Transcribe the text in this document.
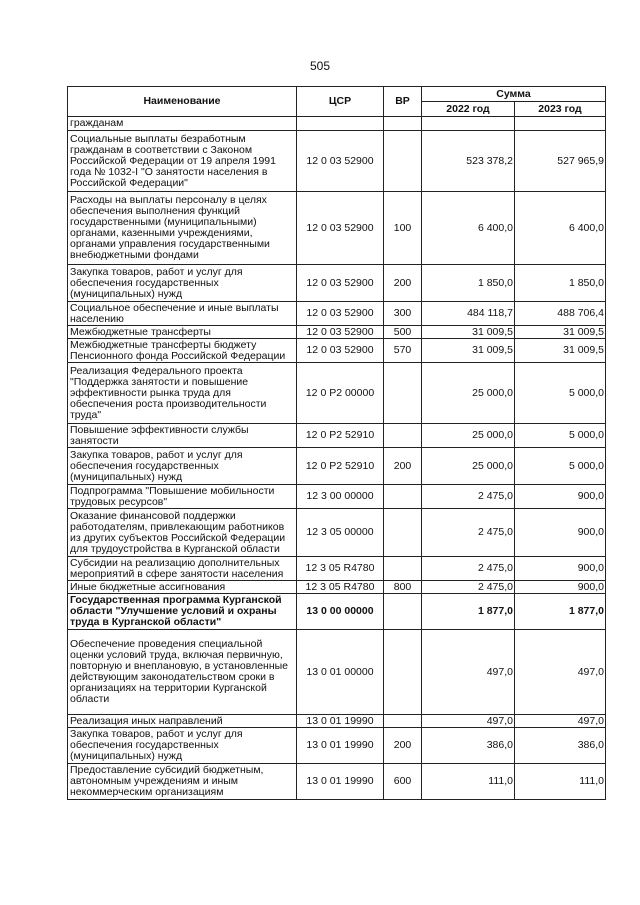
505
Наименование	ЦСР	ВР	Сумма	
			2022 год	2023 год
гражданам				
Социальные выплаты безработным гражданам в соответствии с Законом Российской Федерации от 19 апреля 1991 года № 1032-I "О занятости населения в Российской Федерации"	12 0 03 52900		523 378,2	527 965,9
Расходы на выплаты персоналу в целях обеспечения выполнения функций государственными (муниципальными) органами, казенными учреждениями, органами управления государственными внебюджетными фондами	12 0 03 52900	100	6 400,0	6 400,0
Закупка товаров, работ и услуг для обеспечения государственных (муниципальных) нужд	12 0 03 52900	200	1 850,0	1 850,0
Социальное обеспечение и иные выплаты населению	12 0 03 52900	300	484 118,7	488 706,4
Межбюджетные трансферты	12 0 03 52900	500	31 009,5	31 009,5
Межбюджетные трансферты бюджету Пенсионного фонда Российской Федерации	12 0 03 52900	570	31 009,5	31 009,5
Реализация Федерального проекта "Поддержка занятости и повышение эффективности рынка труда для обеспечения роста производительности труда"	12 0 P2 00000		25 000,0	5 000,0
Повышение эффективности службы занятости	12 0 P2 52910		25 000,0	5 000,0
Закупка товаров, работ и услуг для обеспечения государственных (муниципальных) нужд	12 0 P2 52910	200	25 000,0	5 000,0
Подпрограмма "Повышение мобильности трудовых ресурсов"	12 3 00 00000		2 475,0	900,0
Оказание финансовой поддержки работодателям, привлекающим работников из других субъектов Российской Федерации для трудоустройства в Курганской области	12 3 05 00000		2 475,0	900,0
Субсидии на реализацию дополнительных мероприятий в сфере занятости населения	12 3 05 R4780		2 475,0	900,0
Иные бюджетные ассигнования	12 3 05 R4780	800	2 475,0	900,0
Государственная программа Курганской области "Улучшение условий и охраны труда в Курганской области"	13 0 00 00000		1 877,0	1 877,0
Обеспечение проведения специальной оценки условий труда, включая первичную, повторную и внеплановую, в установленные действующим законодательством сроки в организациях на территории Курганской области	13 0 01 00000		497,0	497,0
Реализация иных направлений	13 0 01 19990		497,0	497,0
Закупка товаров, работ и услуг для обеспечения государственных (муниципальных) нужд	13 0 01 19990	200	386,0	386,0
Предоставление субсидий бюджетным, автономным учреждениям и иным некоммерческим организациям	13 0 01 19990	600	111,0	111,0
